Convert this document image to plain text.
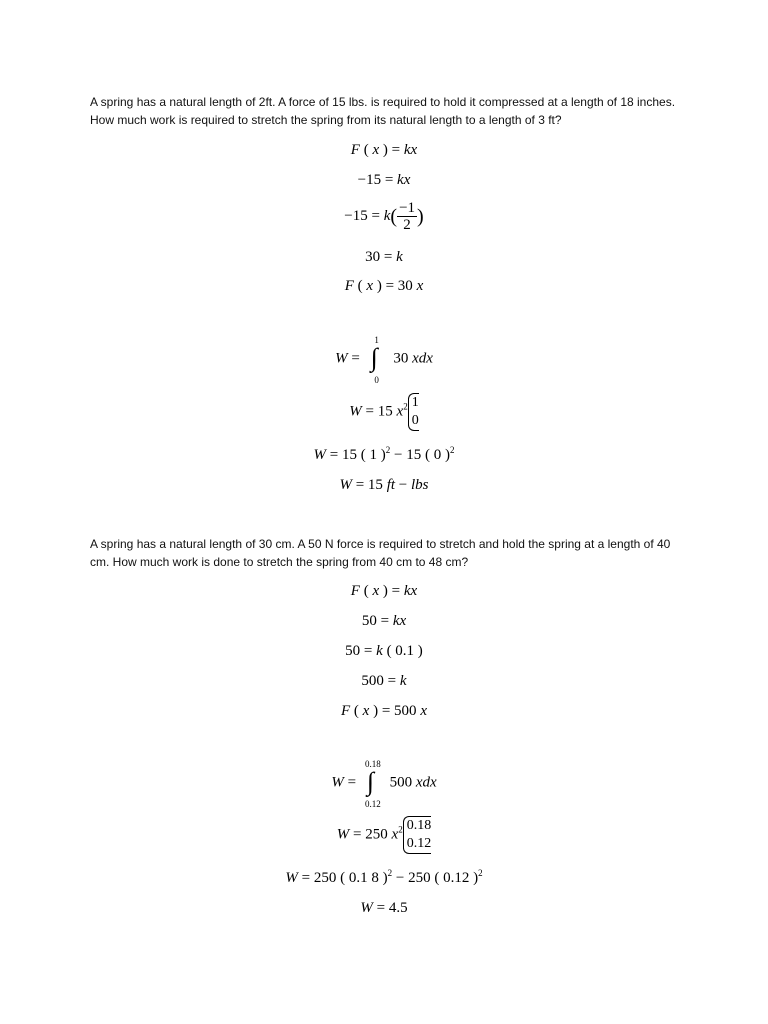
A spring has a natural length of 2ft. A force of 15 lbs. is required to hold it compressed at a length of 18 inches. How much work is required to stretch the spring from its natural length to a length of 3 ft?
F ( x ) = kx
−15 = kx
$-15 = k( \frac{-1}{2}$ )
30 = k
F ( x ) = 30 x
W =
1
∫
0
30 xdx
W = 15 $x^2$ 1
0
W = 15 ( 1 )$^2$ − 15 ( 0 )$^2$
W = 15 ft − lbs
A spring has a natural length of 30 cm. A 50 N force is required to stretch and hold the spring at a length of 40 cm. How much work is done to stretch the spring from 40 cm to 48 cm?
F ( x ) = kx
50 = kx
50 = k ( 0.1 )
500 = k
F ( x ) = 500 x
W =
0.18
∫
0.12
500 xdx
W = 250 $x^2$ 0.18
0.12
W = 250 ( 0.1 8 )$^2$ − 250 ( 0.12 )$^2$
W = 4.5
